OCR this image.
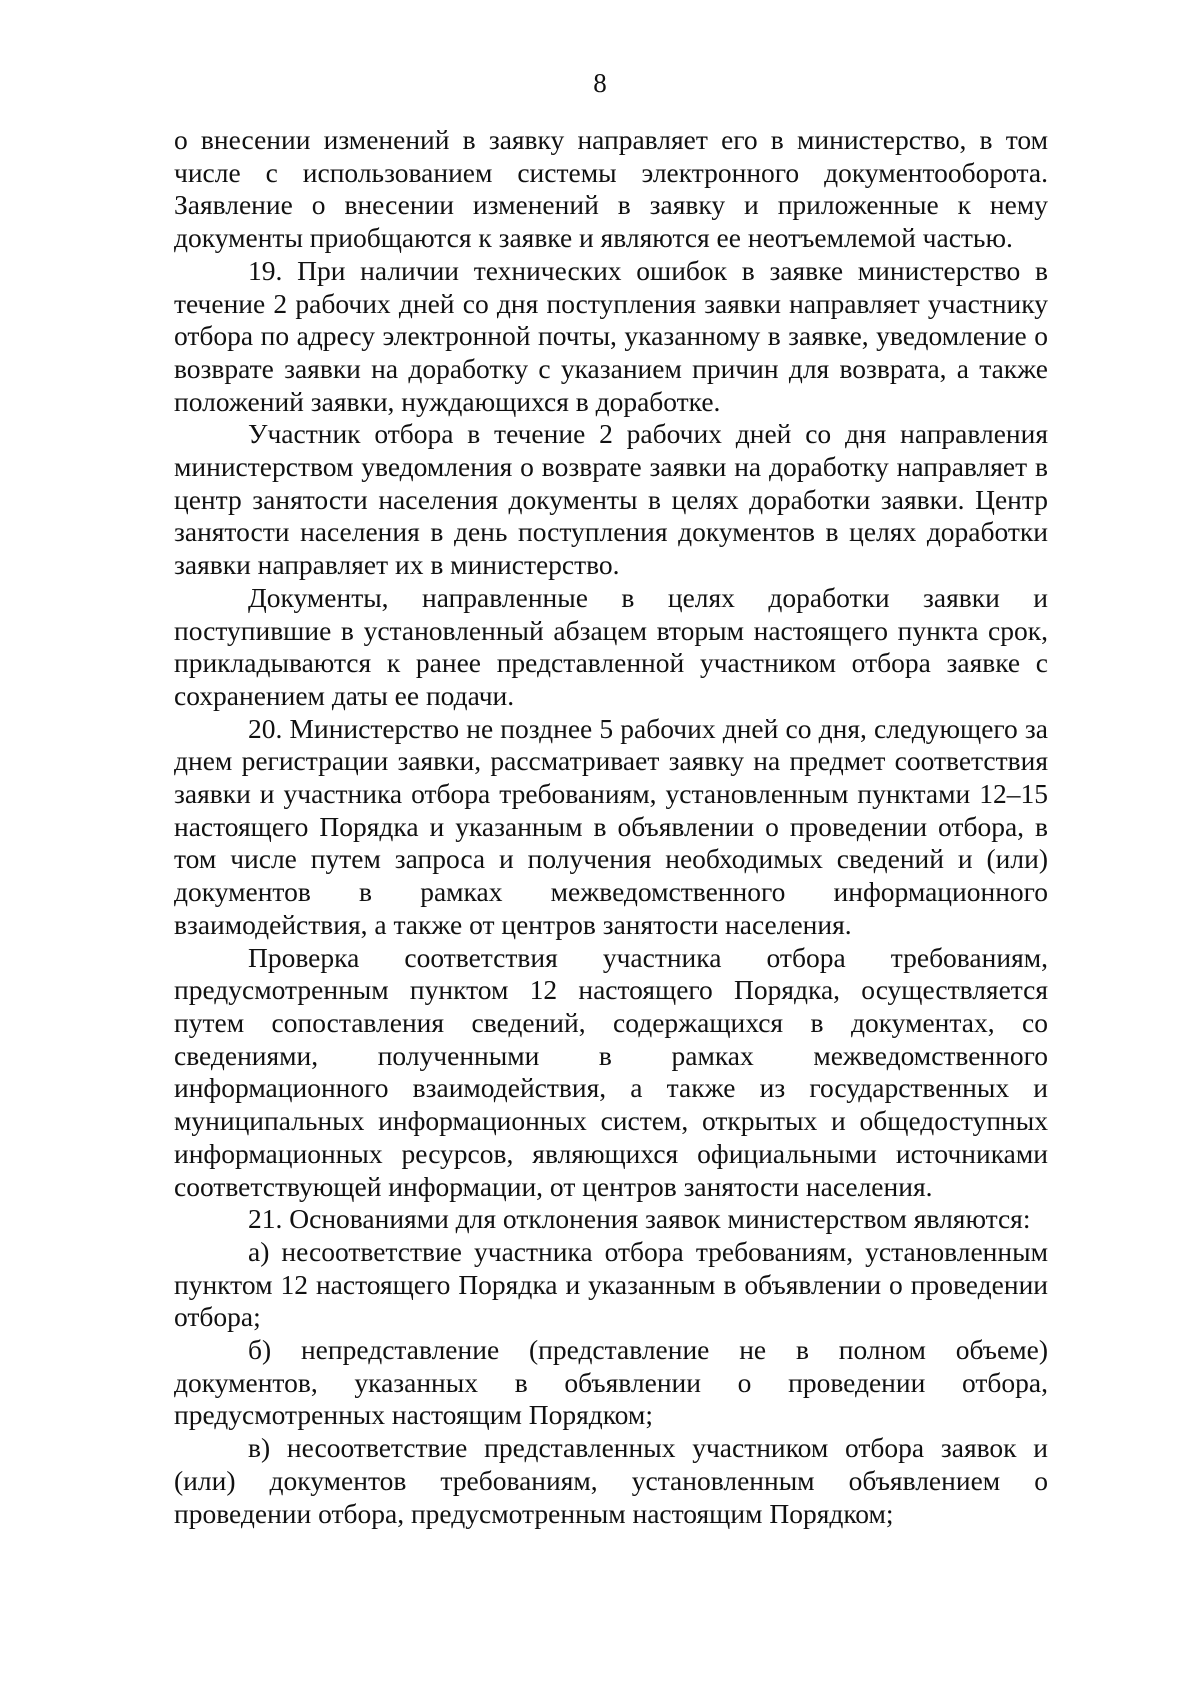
8

о внесении изменений в заявку направляет его в министерство, в том числе с использованием системы электронного документооборота. Заявление о внесении изменений в заявку и приложенные к нему документы приобщаются к заявке и являются ее неотъемлемой частью.

19. При наличии технических ошибок в заявке министерство в течение 2 рабочих дней со дня поступления заявки направляет участнику отбора по адресу электронной почты, указанному в заявке, уведомление о возврате заявки на доработку с указанием причин для возврата, а также положений заявки, нуждающихся в доработке.

Участник отбора в течение 2 рабочих дней со дня направления министерством уведомления о возврате заявки на доработку направляет в центр занятости населения документы в целях доработки заявки. Центр занятости населения в день поступления документов в целях доработки заявки направляет их в министерство.

Документы, направленные в целях доработки заявки и поступившие в установленный абзацем вторым настоящего пункта срок, прикладываются к ранее представленной участником отбора заявке с сохранением даты ее подачи.

20. Министерство не позднее 5 рабочих дней со дня, следующего за днем регистрации заявки, рассматривает заявку на предмет соответствия заявки и участника отбора требованиям, установленным пунктами 12–15 настоящего Порядка и указанным в объявлении о проведении отбора, в том числе путем запроса и получения необходимых сведений и (или) документов в рамках межведомственного информационного взаимодействия, а также от центров занятости населения.

Проверка соответствия участника отбора требованиям, предусмотренным пунктом 12 настоящего Порядка, осуществляется путем сопоставления сведений, содержащихся в документах, со сведениями, полученными в рамках межведомственного информационного взаимодействия, а также из государственных и муниципальных информационных систем, открытых и общедоступных информационных ресурсов, являющихся официальными источниками соответствующей информации, от центров занятости населения.

21. Основаниями для отклонения заявок министерством являются:

а) несоответствие участника отбора требованиям, установленным пунктом 12 настоящего Порядка и указанным в объявлении о проведении отбора;

б) непредставление (представление не в полном объеме) документов, указанных в объявлении о проведении отбора, предусмотренных настоящим Порядком;

в) несоответствие представленных участником отбора заявок и (или) документов требованиям, установленным объявлением о проведении отбора, предусмотренным настоящим Порядком;
